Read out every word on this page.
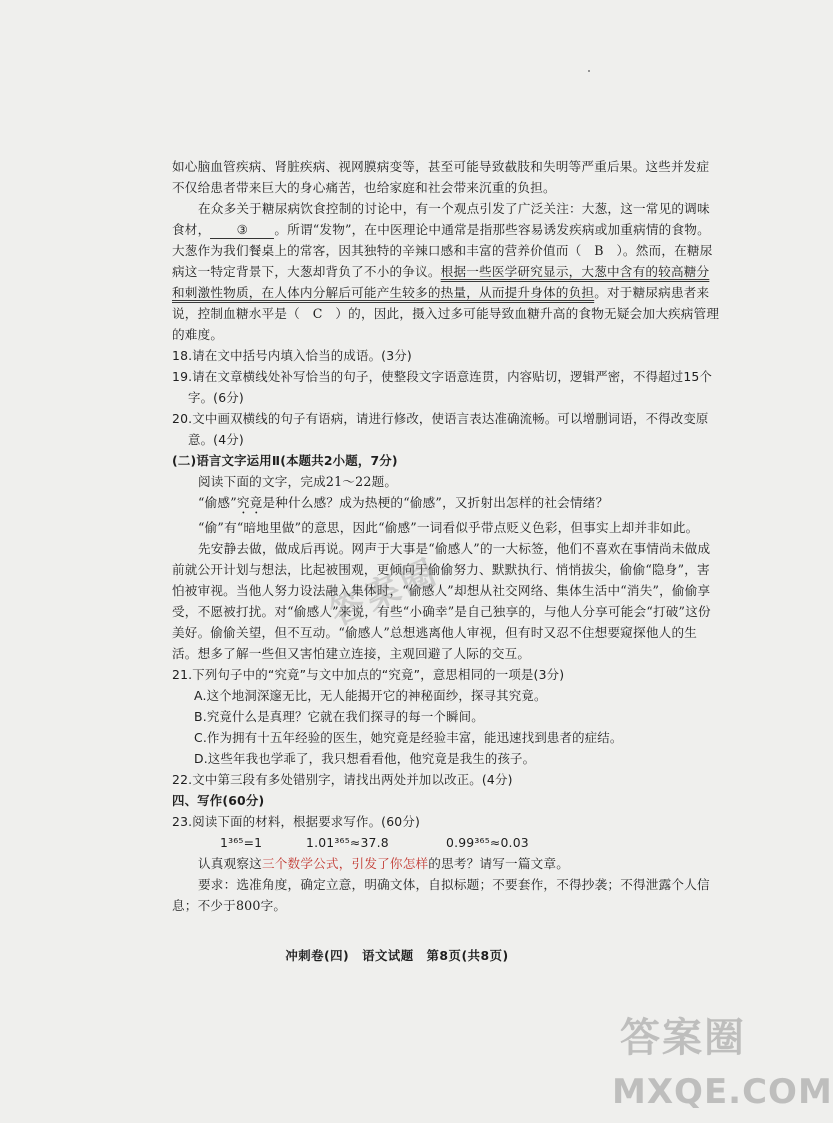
如心脑血管疾病、肾脏疾病、视网膜病变等，甚至可能导致截肢和失明等严重后果。这些并发症不仅给患者带来巨大的身心痛苦，也给家庭和社会带来沉重的负担。

在众多关于糖尿病饮食控制的讨论中，有一个观点引发了广泛关注：大葱，这一常见的调味食材， ③ 。所谓“发物”，在中医理论中通常是指那些容易诱发疾病或加重病情的食物。大葱作为我们餐桌上的常客，因其独特的辛辣口感和丰富的营养价值而（　B　）。然而，在糖尿病这一特定背景下，大葱却背负了不小的争议。根据一些医学研究显示，大葱中含有的较高糖分和刺激性物质，在人体内分解后可能产生较多的热量，从而提升身体的负担。对于糖尿病患者来说，控制血糖水平是（　C　）的，因此，摄入过多可能导致血糖升高的食物无疑会加大疾病管理的难度。

18.请在文中括号内填入恰当的成语。(3分)

19.请在文章横线处补写恰当的句子，使整段文字语意连贯，内容贴切，逻辑严密，不得超过15个字。(6分)

20.文中画双横线的句子有语病，请进行修改，使语言表达准确流畅。可以增删词语，不得改变原意。(4分)

(二)语言文字运用Ⅱ(本题共2小题，7分)

阅读下面的文字，完成21～22题。

“偷感”究竟是种什么感？成为热梗的“偷感”，又折射出怎样的社会情绪？

“偷”有“暗地里做”的意思，因此“偷感”一词看似乎带点贬义色彩，但事实上却并非如此。

先安静去做，做成后再说。网声于大事是“偷感人”的一大标签，他们不喜欢在事情尚未做成前就公开计划与想法，比起被围观，更倾向于偷偷努力、默默执行、悄悄拔尖，偷偷“隐身”，害怕被审视。当他人努力设法融入集体时，“偷感人”却想从社交网络、集体生活中“消失”，偷偷享受，不愿被打扰。对“偷感人”来说，有些“小确幸”是自己独享的，与他人分享可能会“打破”这份美好。偷偷关望，但不互动。“偷感人”总想逃离他人审视，但有时又忍不住想要窥探他人的生活。想多了解一些但又害怕建立连接，主观回避了人际的交互。

21.下列句子中的“究竟”与文中加点的“究竟”，意思相同的一项是(3分)

A.这个地洞深邃无比，无人能揭开它的神秘面纱，探寻其究竟。

B.究竟什么是真理？它就在我们探寻的每一个瞬间。

C.作为拥有十五年经验的医生，她究竟是经验丰富，能迅速找到患者的症结。

D.这些年我也学乖了，我只想看看他，他究竟是我生的孩子。

22.文中第三段有多处错别字，请找出两处并加以改正。(4分)

四、写作(60分)

23.阅读下面的材料，根据要求写作。(60分)

1³⁶⁵=1	1.01³⁶⁵≈37.8	0.99³⁶⁵≈0.03

认真观察这三个数学公式，引发了你怎样的思考？请写一篇文章。

要求：选准角度，确定立意，明确文体，自拟标题；不要套作，不得抄袭；不得泄露个人信息；不少于800字。

冲刺卷(四)　语文试题　第8页(共8页)
答案圈
答案圈
MXQE.COM
